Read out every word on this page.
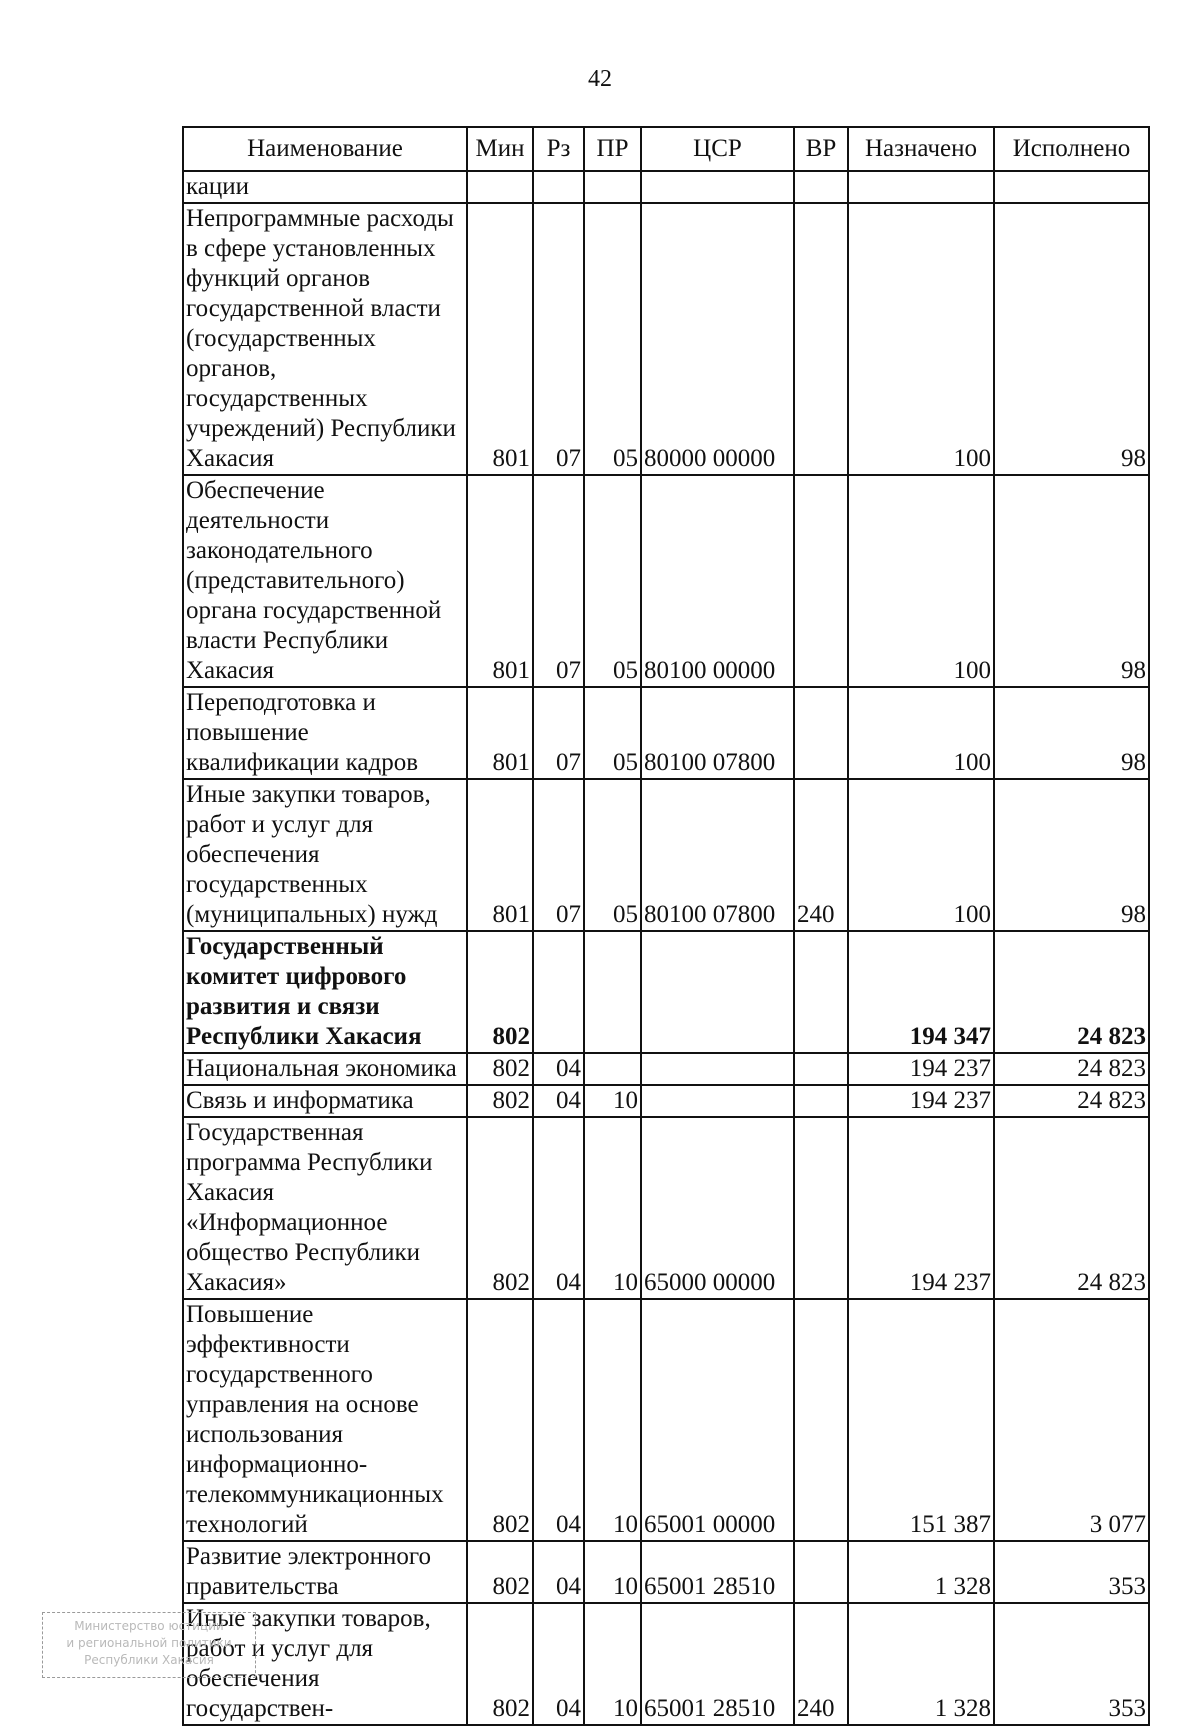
42
Наименование	Мин	Рз	ПР	ЦСР	ВР	Назначено	Исполнено
кации							
Непрограммные расходы в сфере установленных функций органов государственной власти (государственных органов, государственных учреждений) Республики Хакасия	801	07	05	80000 00000		100	98
Обеспечение деятельности законодательного (представительного) органа государственной власти Республики Хакасия	801	07	05	80100 00000		100	98
Переподготовка и повышение квалификации кадров	801	07	05	80100 07800		100	98
Иные закупки товаров, работ и услуг для обеспечения государственных (муниципальных) нужд	801	07	05	80100 07800	240	100	98
Государственный комитет цифрового развития и связи Республики Хакасия	802					194 347	24 823
Национальная экономика	802	04				194 237	24 823
Связь и информатика	802	04	10			194 237	24 823
Государственная программа Республики Хакасия «Информационное общество Республики Хакасия»	802	04	10	65000 00000		194 237	24 823
Повышение эффективности государственного управления на основе использования информационно-телекоммуникационных технологий	802	04	10	65001 00000		151 387	3 077
Развитие электронного правительства	802	04	10	65001 28510		1 328	353
Иные закупки товаров, работ и услуг для обеспечения государствен-	802	04	10	65001 28510	240	1 328	353
Министерство юстиции
и региональной политики
Республики Хакасия
